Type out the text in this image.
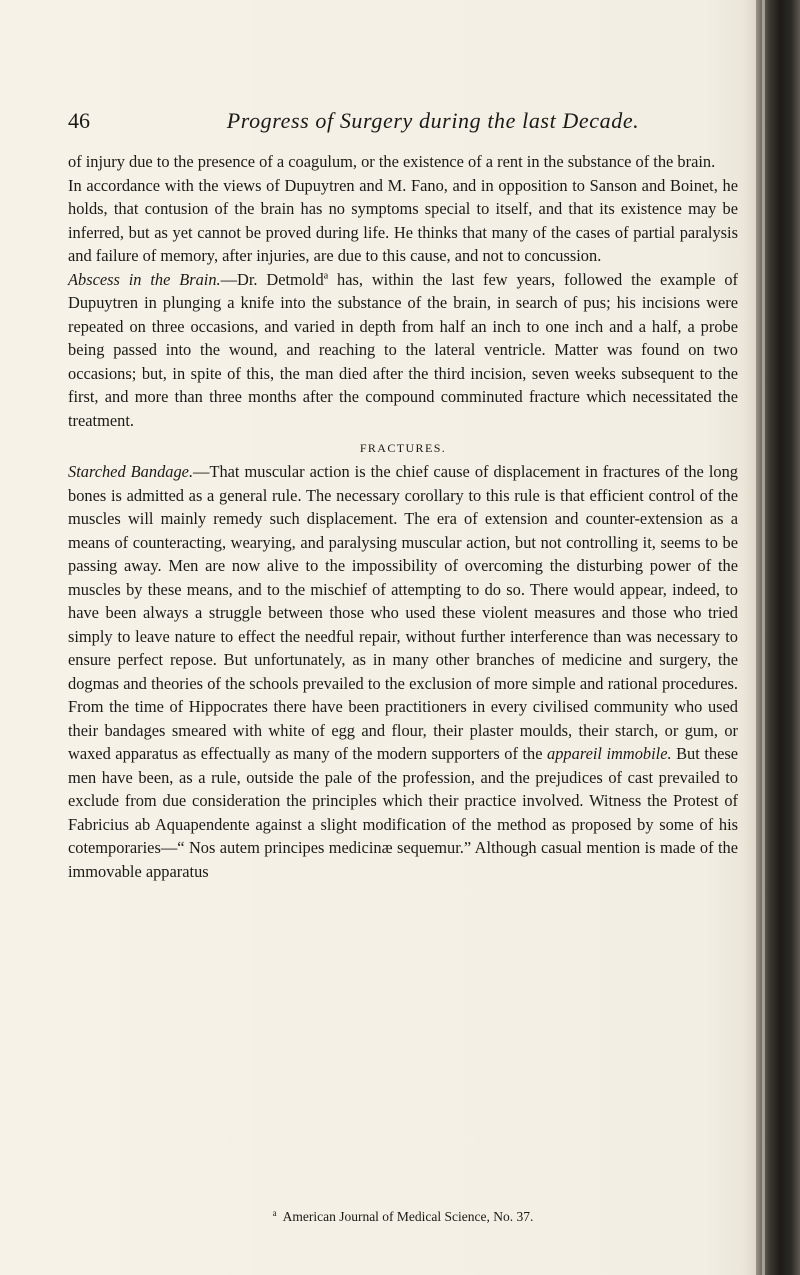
46	Progress of Surgery during the last Decade.

of injury due to the presence of a coagulum, or the existence of a rent in the substance of the brain.

In accordance with the views of Dupuytren and M. Fano, and in opposition to Sanson and Boinet, he holds, that contusion of the brain has no symptoms special to itself, and that its existence may be inferred, but as yet cannot be proved during life. He thinks that many of the cases of partial paralysis and failure of memory, after injuries, are due to this cause, and not to concussion.

Abscess in the Brain.—Dr. Detmold$^a$ has, within the last few years, followed the example of Dupuytren in plunging a knife into the substance of the brain, in search of pus; his incisions were repeated on three occasions, and varied in depth from half an inch to one inch and a half, a probe being passed into the wound, and reaching to the lateral ventricle. Matter was found on two occasions; but, in spite of this, the man died after the third incision, seven weeks subsequent to the first, and more than three months after the compound comminuted fracture which necessitated the treatment.

FRACTURES.

Starched Bandage.—That muscular action is the chief cause of displacement in fractures of the long bones is admitted as a general rule. The necessary corollary to this rule is that efficient control of the muscles will mainly remedy such displacement. The era of extension and counter-extension as a means of counteracting, wearying, and paralysing muscular action, but not controlling it, seems to be passing away. Men are now alive to the impossibility of overcoming the disturbing power of the muscles by these means, and to the mischief of attempting to do so. There would appear, indeed, to have been always a struggle between those who used these violent measures and those who tried simply to leave nature to effect the needful repair, without further interference than was necessary to ensure perfect repose. But unfortunately, as in many other branches of medicine and surgery, the dogmas and theories of the schools prevailed to the exclusion of more simple and rational procedures. From the time of Hippocrates there have been practitioners in every civilised community who used their bandages smeared with white of egg and flour, their plaster moulds, their starch, or gum, or waxed apparatus as effectually as many of the modern supporters of the appareil immobile. But these men have been, as a rule, outside the pale of the profession, and the prejudices of cast prevailed to exclude from due consideration the principles which their practice involved. Witness the Protest of Fabricius ab Aquapendente against a slight modification of the method as proposed by some of his cotemporaries—“ Nos autem principes medicinæ sequemur.” Although casual mention is made of the immovable apparatus

$^a$ American Journal of Medical Science, No. 37.
